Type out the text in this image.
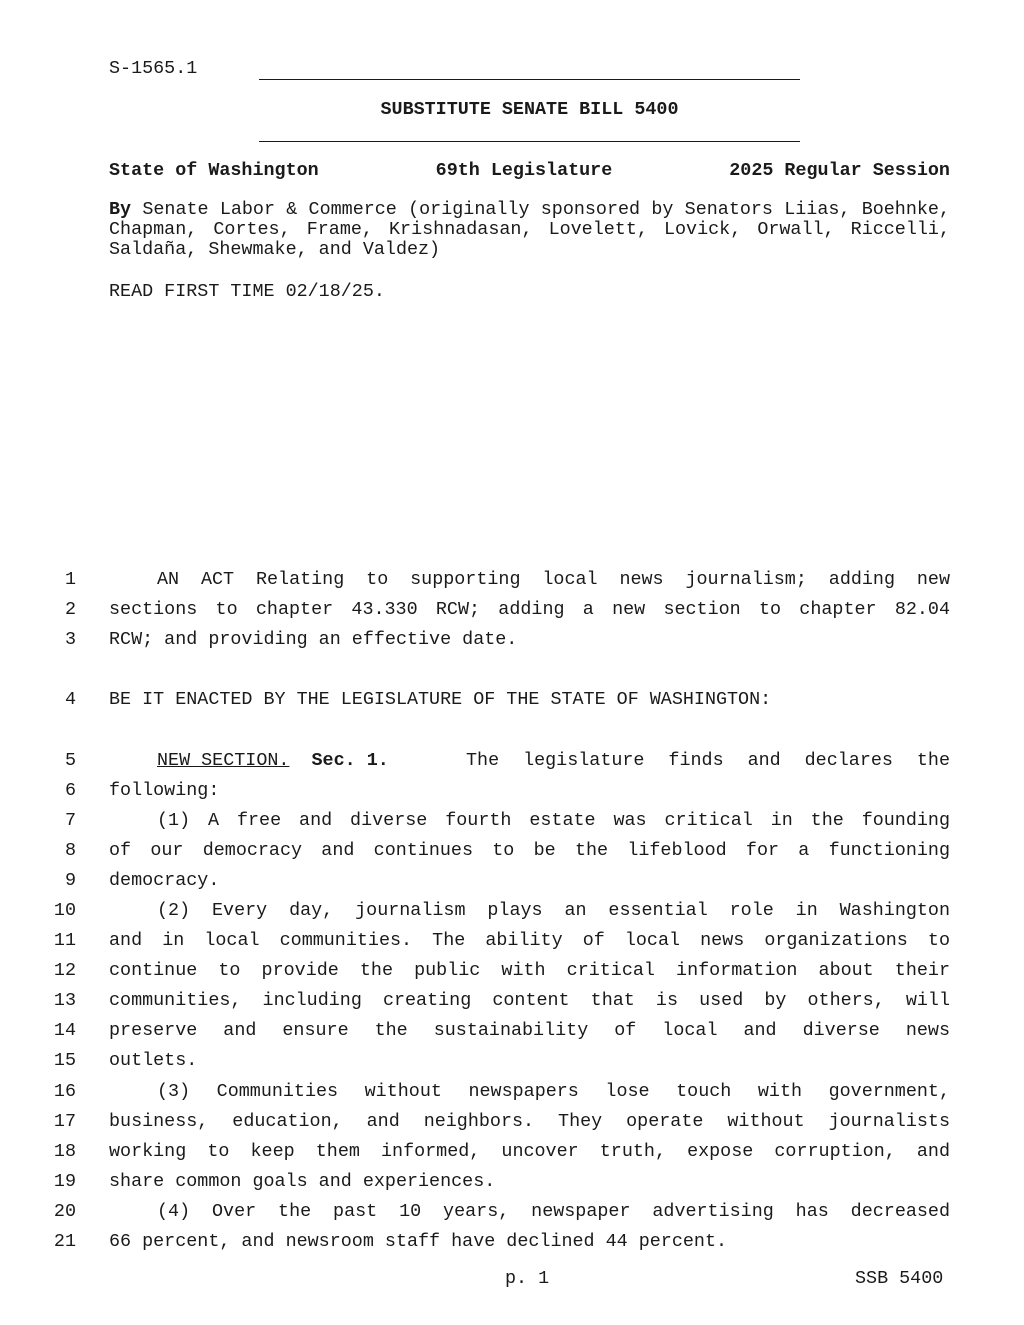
S-1565.1
SUBSTITUTE SENATE BILL 5400
State of Washington	69th Legislature	2025 Regular Session
By Senate Labor & Commerce (originally sponsored by Senators Liias, Boehnke, Chapman, Cortes, Frame, Krishnadasan, Lovelett, Lovick, Orwall, Riccelli, Saldaña, Shewmake, and Valdez)
READ FIRST TIME 02/18/25.
1	AN ACT Relating to supporting local news journalism; adding new
2 sections to chapter 43.330 RCW; adding a new section to chapter 82.04
3 RCW; and providing an effective date.
4 BE IT ENACTED BY THE LEGISLATURE OF THE STATE OF WASHINGTON:
5	NEW SECTION. Sec. 1.	The legislature finds and declares the
6 following:
7	(1) A free and diverse fourth estate was critical in the founding
8 of our democracy and continues to be the lifeblood for a functioning
9 democracy.
10	(2) Every day, journalism plays an essential role in Washington
11 and in local communities. The ability of local news organizations to
12 continue to provide the public with critical information about their
13 communities, including creating content that is used by others, will
14 preserve and ensure the sustainability of local and diverse news
15 outlets.
16	(3) Communities without newspapers lose touch with government,
17 business, education, and neighbors. They operate without journalists
18 working to keep them informed, uncover truth, expose corruption, and
19 share common goals and experiences.
20	(4) Over the past 10 years, newspaper advertising has decreased
21 66 percent, and newsroom staff have declined 44 percent.
p. 1	SSB 5400
